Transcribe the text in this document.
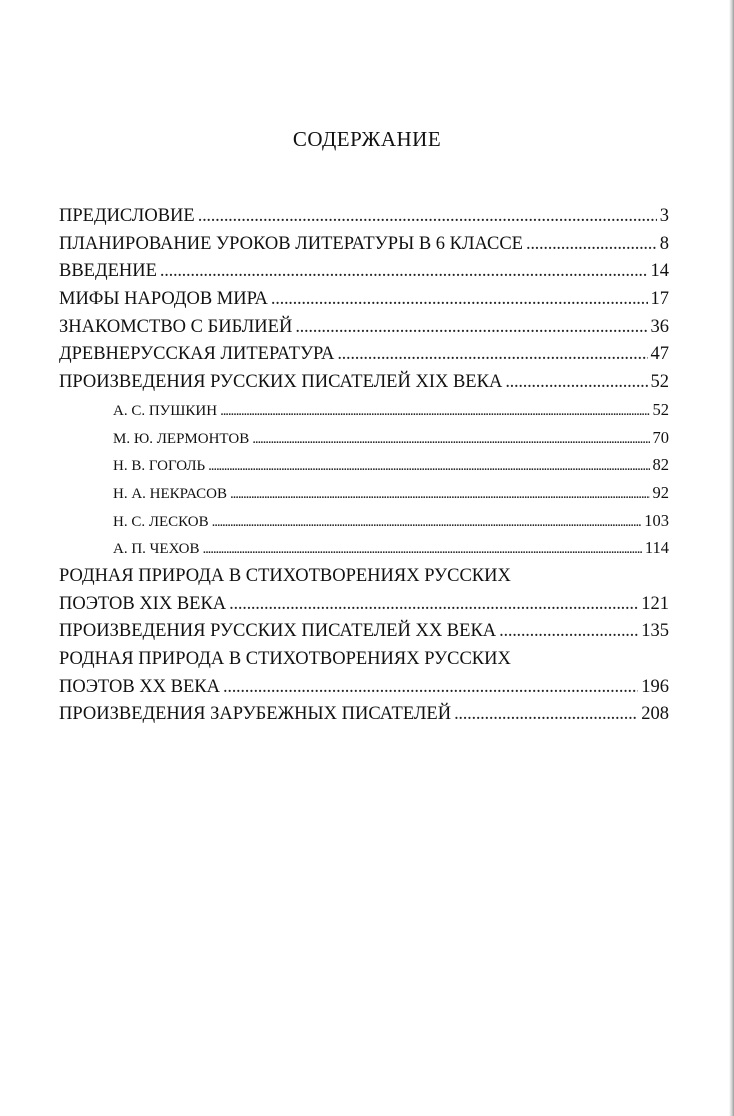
СОДЕРЖАНИЕ
ПРЕДИСЛОВИЕ . . .	3
ПЛАНИРОВАНИЕ УРОКОВ ЛИТЕРАТУРЫ В 6 КЛАССЕ . . .	8
ВВЕДЕНИЕ . . .	14
МИФЫ НАРОДОВ МИРА . . .	17
ЗНАКОМСТВО С БИБЛИЕЙ . . .	36
ДРЕВНЕРУССКАЯ ЛИТЕРАТУРА . . .	47
ПРОИЗВЕДЕНИЯ РУССКИХ ПИСАТЕЛЕЙ XIX ВЕКА . . .	52
А. С. ПУШКИН . . .	52
М. Ю. ЛЕРМОНТОВ . . .	70
Н. В. ГОГОЛЬ . . .	82
Н. А. НЕКРАСОВ . . .	92
Н. С. ЛЕСКОВ . . .	103
А. П. ЧЕХОВ . . .	114
РОДНАЯ ПРИРОДА В СТИХОТВОРЕНИЯХ РУССКИХ
ПОЭТОВ XIX ВЕКА . . .	121
ПРОИЗВЕДЕНИЯ РУССКИХ ПИСАТЕЛЕЙ XX ВЕКА . . .	135
РОДНАЯ ПРИРОДА В СТИХОТВОРЕНИЯХ РУССКИХ
ПОЭТОВ XX ВЕКА . . .	196
ПРОИЗВЕДЕНИЯ ЗАРУБЕЖНЫХ ПИСАТЕЛЕЙ . . .	208
